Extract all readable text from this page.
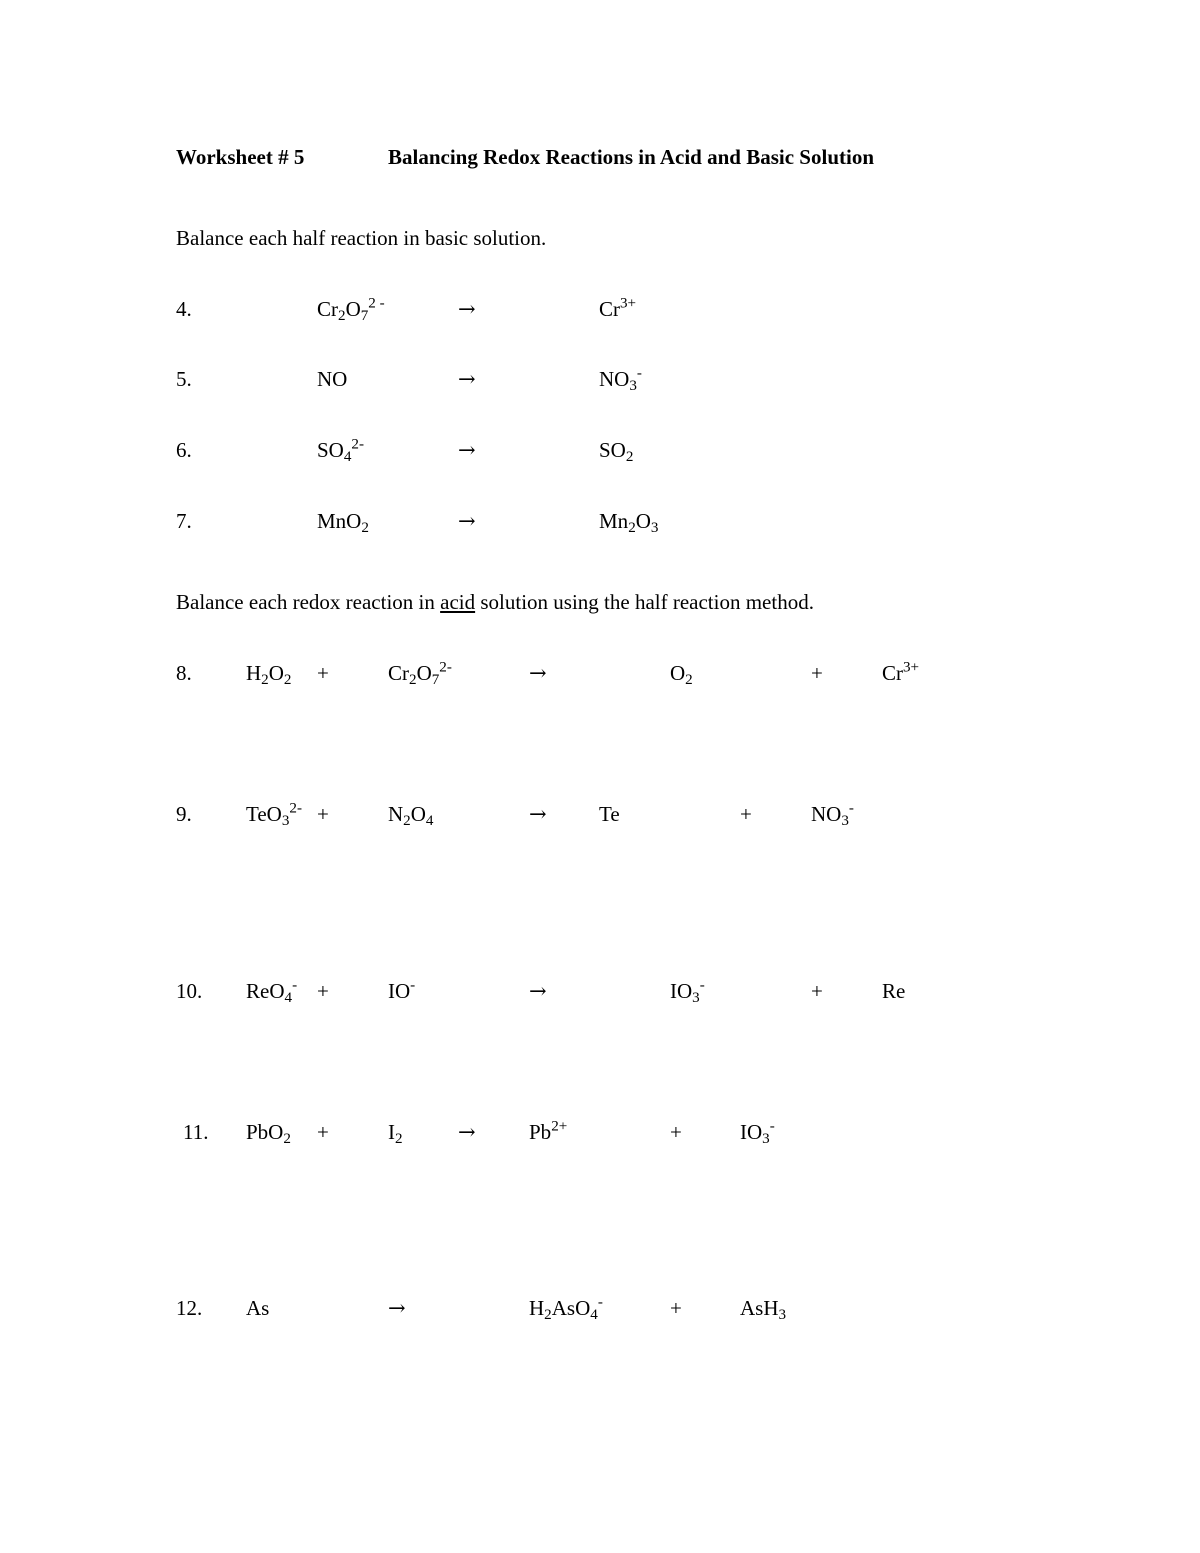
Worksheet # 5	Balancing Redox Reactions in Acid and Basic Solution
Balance each half reaction in basic solution.
4.	$Cr_2O_7^{2 -}$	→	$Cr^{3+}$
5.	NO	→	$NO_3^-$
6.	$SO_4^{2-}$	→	$SO_2$
7.	MnO$_2$	→	$Mn_2O_3$
Balance each redox reaction in acid solution using the half reaction method.
8.	$H_2O_2$ +	$Cr_2O_7^{2-}$	→	$O_2$	+	$Cr^{3+}$
9.	TeO$_3^{2-}$ +	$N_2O_4$	→ Te	+	$NO_3^-$
10. ReO$_4$- +	IO-	→	$IO_3^-$	+	Re
11. PbO$_2$ +	$I_2$	→	$Pb^{2+}$	+	$IO_3^-$
12. As	→	$H_2AsO_4^-$	+	AsH$_3$
